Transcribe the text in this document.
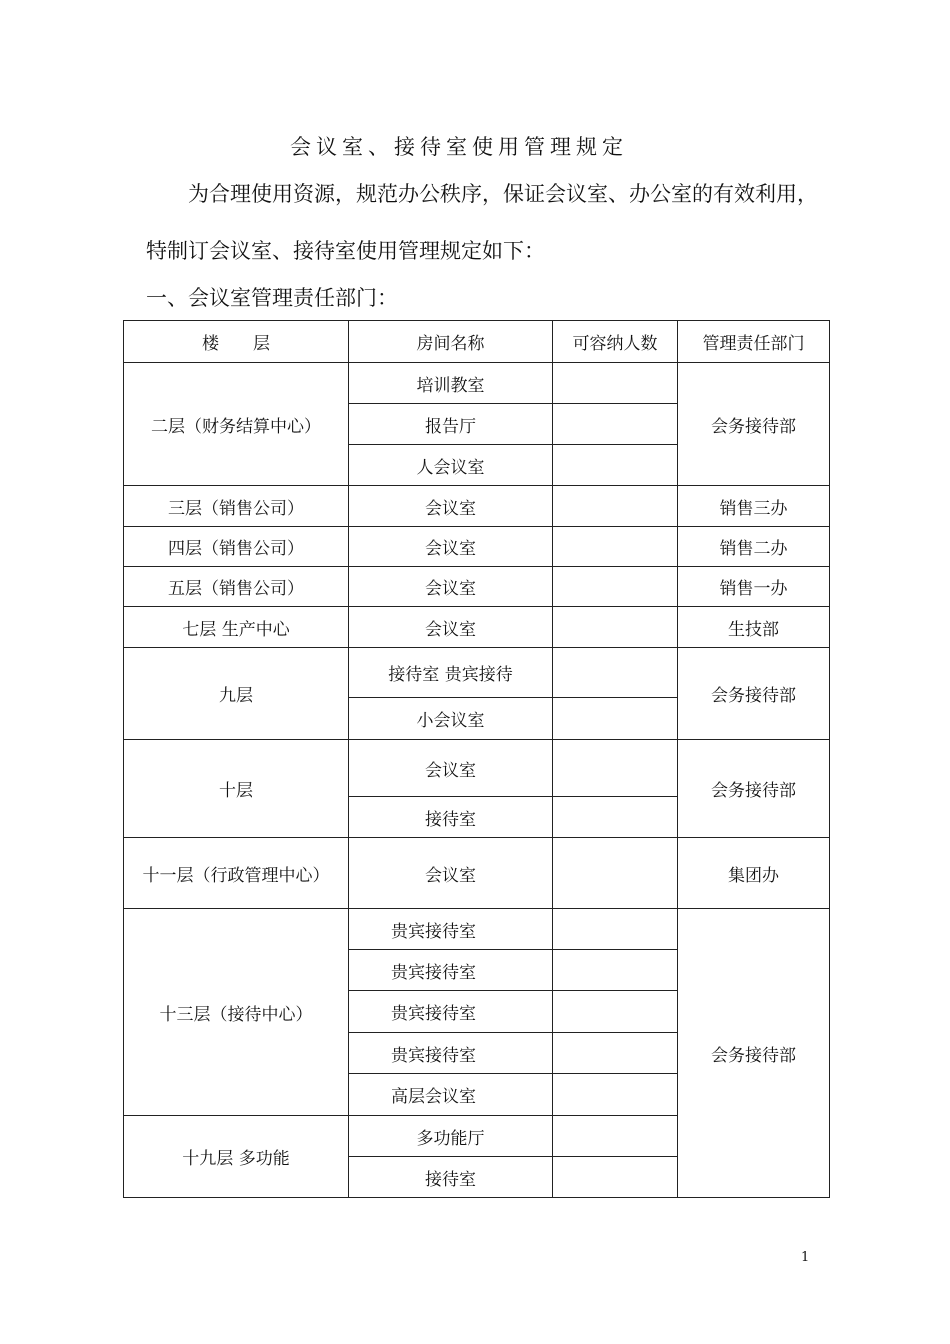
会议室、接待室使用管理规定

为合理使用资源，规范办公秩序，保证会议室、办公室的有效利用，特制订会议室、接待室使用管理规定如下：

一、会议室管理责任部门：

楼　　层	房间名称	可容纳人数	管理责任部门
二层（财务结算中心）	培训教室		会务接待部
	报告厅		
	人会议室		
三层（销售公司）	会议室		销售三办
四层（销售公司）	会议室		销售二办
五层（销售公司）	会议室		销售一办
七层 生产中心	会议室		生技部
九层	接待室 贵宾接待		会务接待部
	小会议室		
十层	会议室		会务接待部
	接待室		
十一层（行政管理中心）	会议室		集团办
十三层（接待中心）	贵宾接待室		会务接待部
	贵宾接待室		
	贵宾接待室		
	贵宾接待室		
	高层会议室		
十九层 多功能	多功能厅		
	接待室		
1
